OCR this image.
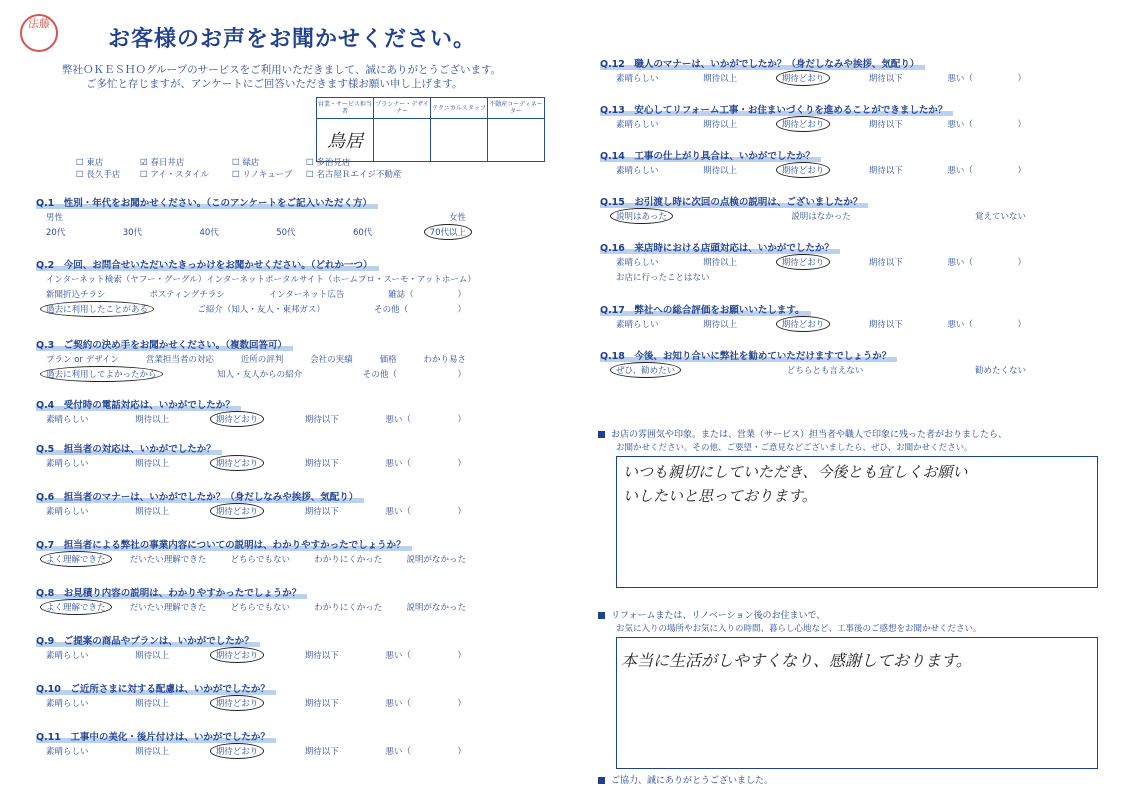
法藤
お客様のお声をお聞かせください。
弊社ＯＫＥＳＨＯグループのサービスをご利用いただきまして、誠にありがとうございます。
ご多忙と存じますが、アンケートにご回答いただきます様お願い申し上げます。
営業・サービス担当者	プランナー・デザイナー	テクニカルスタッフ	不動産コーディネーター
鳥居			
☐ 東店	☑ 春日井店	☐ 緑店	☐ 多治見店
☐ 長久手店 ☐ アイ・スタイル	☐ リノキューブ ☐ 名古屋Ｒエイジ不動産
Q.1　性別・年代をお聞かせください。（このアンケートをご記入いただく方）
男性	女性
20代	30代	40代	50代	60代	70代以上
Q.2　今回、お問合せいただいたきっかけをお聞かせください。（どれか一つ）
インターネット検索（ヤフー・グーグル） インターネットポータルサイト（ホームプロ・スーモ・アットホーム）
新聞折込チラシ	ポスティングチラシ	インターネット広告	雑誌（	）
過去に利用したことがある	ご紹介（知人・友人・東邦ガス）	その他（	）
Q.3　ご契約の決め手をお聞かせください。（複数回答可）
プラン or デザイン	営業担当者の対応	近所の評判	会社の実績	価格	わかり易さ
過去に利用してよかったから	知人・友人からの紹介	その他（	）
Q.4　受付時の電話対応は、いかがでしたか？
素晴らしい	期待以上	期待どおり	期待以下	悪い（	）
Q.5　担当者の対応は、いかがでしたか？
素晴らしい	期待以上	期待どおり	期待以下	悪い（	）
Q.6　担当者のマナーは、いかがでしたか？（身だしなみや挨拶、気配り）
素晴らしい	期待以上	期待どおり	期待以下	悪い（	）
Q.7　担当者による弊社の事業内容についての説明は、わかりやすかったでしょうか？
よく理解できた	だいたい理解できた	どちらでもない	わかりにくかった	説明がなかった
Q.8　お見積り内容の説明は、わかりやすかったでしょうか？
よく理解できた	だいたい理解できた	どちらでもない	わかりにくかった	説明がなかった
Q.9　ご提案の商品やプランは、いかがでしたか？
素晴らしい	期待以上	期待どおり	期待以下	悪い（	）
Q.10　ご近所さまに対する配慮は、いかがでしたか？
素晴らしい	期待以上	期待どおり	期待以下	悪い（	）
Q.11　工事中の美化・後片付けは、いかがでしたか？
素晴らしい	期待以上	期待どおり	期待以下	悪い（	）
Q.12　職人のマナーは、いかがでしたか？（身だしなみや挨拶、気配り）
素晴らしい	期待以上	期待どおり	期待以下	悪い（	）
Q.13　安心してリフォーム工事・お住まいづくりを進めることができましたか？
素晴らしい	期待以上	期待どおり	期待以下	悪い（	）
Q.14　工事の仕上がり具合は、いかがでしたか？
素晴らしい	期待以上	期待どおり	期待以下	悪い（	）
Q.15　お引渡し時に次回の点検の説明は、ございましたか？
説明はあった	説明はなかった	覚えていない
Q.16　来店時における店頭対応は、いかがでしたか？
素晴らしい	期待以上	期待どおり	期待以下	悪い（	）
お店に行ったことはない
Q.17　弊社への総合評価をお願いいたします。
素晴らしい	期待以上	期待どおり	期待以下	悪い（	）
Q.18　今後、お知り合いに弊社を勧めていただけますでしょうか？
ぜひ、勧めたい	どちらとも言えない	勧めたくない
お店の雰囲気や印象。または、営業（サービス）担当者や職人で印象に残った者がおりましたら、
お聞かせください。その他、ご要望・ご意見などございましたら、ぜひ、お聞かせください。
いつも親切にしていただき、今後とも宜しくお願い
いしたいと思っております。
リフォームまたは、リノベーション後のお住まいで、
お気に入りの場所やお気に入りの時間、暮らし心地など、工事後のご感想をお聞かせください。
本当に生活がしやすくなり、感謝しております。
ご協力、誠にありがとうございました。
